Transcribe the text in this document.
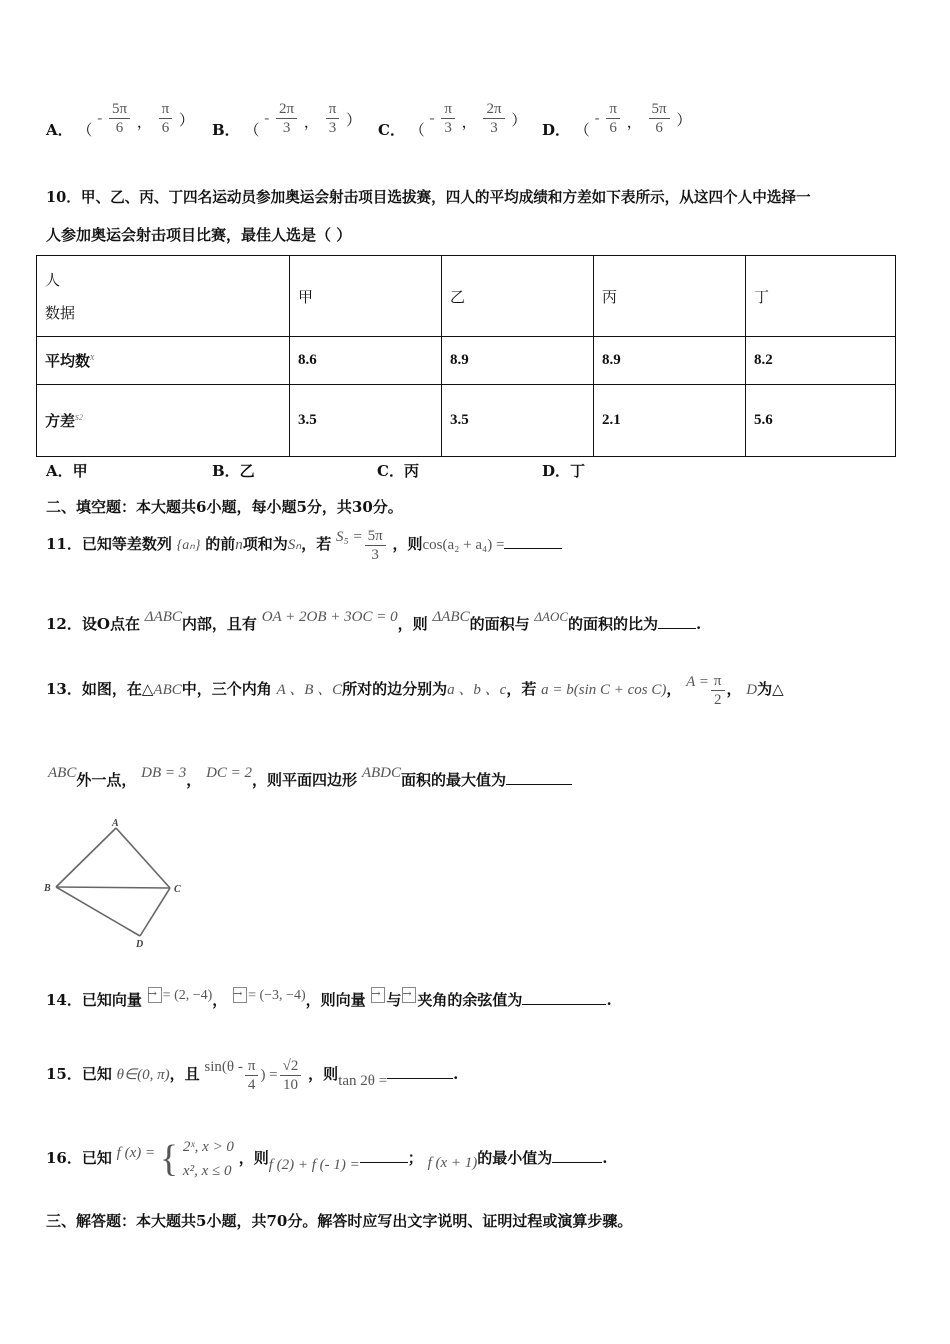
A． （ - $\frac{5\pi}{6}$ ， $\frac{\pi}{6}$ ）
B． （ - $\frac{2\pi}{3}$ ， $\frac{\pi}{3}$ ）
C． （ - $\frac{\pi}{3}$ ， $\frac{2\pi}{3}$ ）
D． （ - $\frac{\pi}{6}$ ， $\frac{5\pi}{6}$ ）
10．甲、乙、丙、丁四名运动员参加奥运会射击项目选拔赛，四人的平均成绩和方差如下表所示，从这四个人中选择一
人参加奥运会射击项目比赛，最佳人选是（ ）
人
数据	甲	乙	丙	丁
平均数$^x$	8.6	8.9	8.9	8.2
方差$^{s2}$	3.5	3.5	2.1	5.6
A．甲	B．乙	C．丙	D．丁
二、填空题：本大题共6小题，每小题5分，共30分。
11．已知等差数列 {aₙ} 的前n项和为Sₙ，若 $S_5 = \frac{5\pi}{3}$ ，则cos(a₂ + a₄) =
12．设O点在 ΔABC内部，且有 OA + 2OB + 3OC = 0，则 ΔABC的面积与 ΔAOC的面积的比为	.
13．如图，在△ABC中，三个内角 A 、B 、C所对的边分别为a 、b 、c，若 a = b(sin C + cos C)， $A = \frac{\pi}{2}$ ， D为△
ABC外一点， DB = 3， DC = 2，则平面四边形 ABDC面积的最大值为
A
B	C
D
14．已知向量 → = (2, −4)， → = (−3, −4)，则向量 → 与 → 夹角的余弦值为	.
15．已知 θ∈(0, π)，且 $\sin(\theta - \frac{\pi}{4}$ ) = $\frac{√2}{10}$ ，则tan 2θ =	.
16．已知 f (x) = { 2ˣ, x > 0
x², x ≤ 0
，则f (2) + f (- 1) =	； f (x + 1)的最小值为	.
三、解答题：本大题共5小题，共70分。解答时应写出文字说明、证明过程或演算步骤。
